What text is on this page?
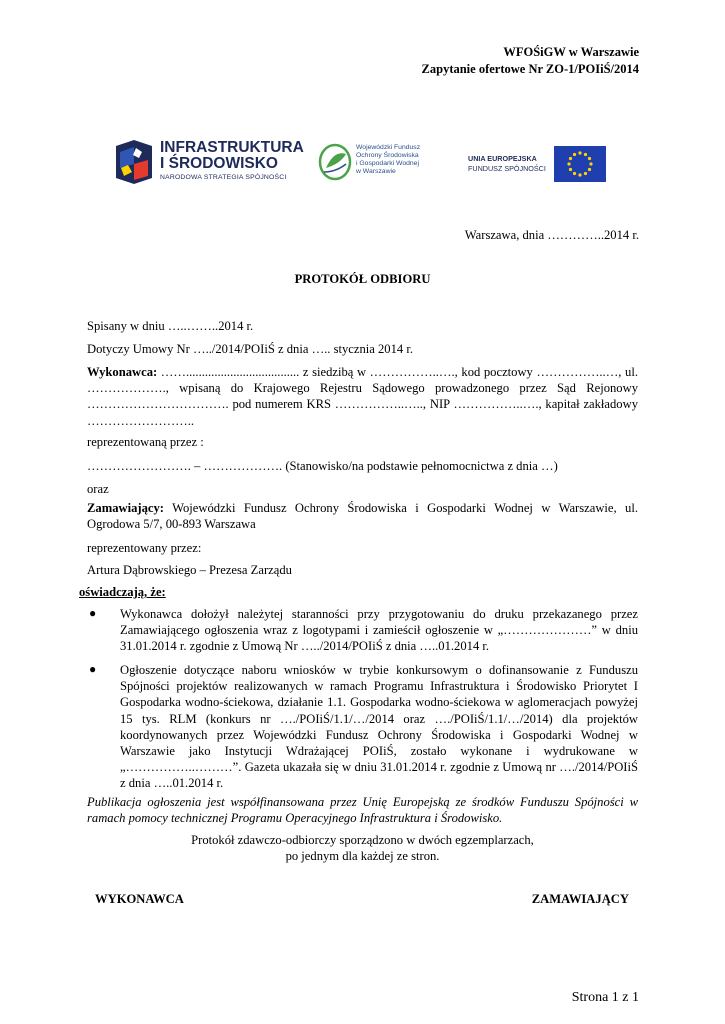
WFOŚiGW w Warszawie
Zapytanie ofertowe Nr ZO-1/POIiŚ/2014
INFRASTRUKTURA
I ŚRODOWISKO
NARODOWA STRATEGIA SPÓJNOŚCI
Wojewódzki Fundusz
Ochrony Środowiska
i Gospodarki Wodnej
w Warszawie
UNIA EUROPEJSKA
FUNDUSZ SPÓJNOŚCI
Warszawa, dnia …………..2014 r.
PROTOKÓŁ ODBIORU
Spisany w dniu …..……..2014 r.
Dotyczy Umowy Nr …../2014/POIiŚ z dnia ….. stycznia 2014 r.
Wykonawca: …….................................... z siedzibą w ……………..…., kod pocztowy ……………..…, ul. ………………., wpisaną do Krajowego Rejestru Sądowego prowadzonego przez Sąd Rejonowy ……………………………. pod numerem KRS ……………..….., NIP ……………..…., kapitał zakładowy ……………………..
reprezentowaną przez :
……………………. – ………………. (Stanowisko/na podstawie pełnomocnictwa z dnia …)
oraz
Zamawiający: Wojewódzki Fundusz Ochrony Środowiska i Gospodarki Wodnej w Warszawie, ul. Ogrodowa 5/7, 00-893 Warszawa
reprezentowany przez:
Artura Dąbrowskiego – Prezesa Zarządu
oświadczają, że:
● Wykonawca dołożył należytej staranności przy przygotowaniu do druku przekazanego przez Zamawiającego ogłoszenia wraz z logotypami i zamieścił ogłoszenie w „…………………” w dniu 31.01.2014 r. zgodnie z Umową Nr …../2014/POIiŚ z dnia …..01.2014 r.
● Ogłoszenie dotyczące naboru wniosków w trybie konkursowym o dofinansowanie z Funduszu Spójności projektów realizowanych w ramach Programu Infrastruktura i Środowisko Priorytet I Gospodarka wodno-ściekowa, działanie 1.1. Gospodarka wodno-ściekowa w aglomeracjach powyżej 15 tys. RLM (konkurs nr …./POIiŚ/1.1/…/2014 oraz …./POIiŚ/1.1/…/2014) dla projektów koordynowanych przez Wojewódzki Fundusz Ochrony Środowiska i Gospodarki Wodnej w Warszawie jako Instytucji Wdrażającej POIiŚ, zostało wykonane i wydrukowane w „……………..………”. Gazeta ukazała się w dniu 31.01.2014 r. zgodnie z Umową nr …./2014/POIiŚ z dnia …..01.2014 r.
Publikacja ogłoszenia jest współfinansowana przez Unię Europejską ze środków Funduszu Spójności w ramach pomocy technicznej Programu Operacyjnego Infrastruktura i Środowisko.
Protokół zdawczo-odbiorczy sporządzono w dwóch egzemplarzach,
po jednym dla każdej ze stron.
WYKONAWCA	ZAMAWIAJĄCY
Strona 1 z 1
